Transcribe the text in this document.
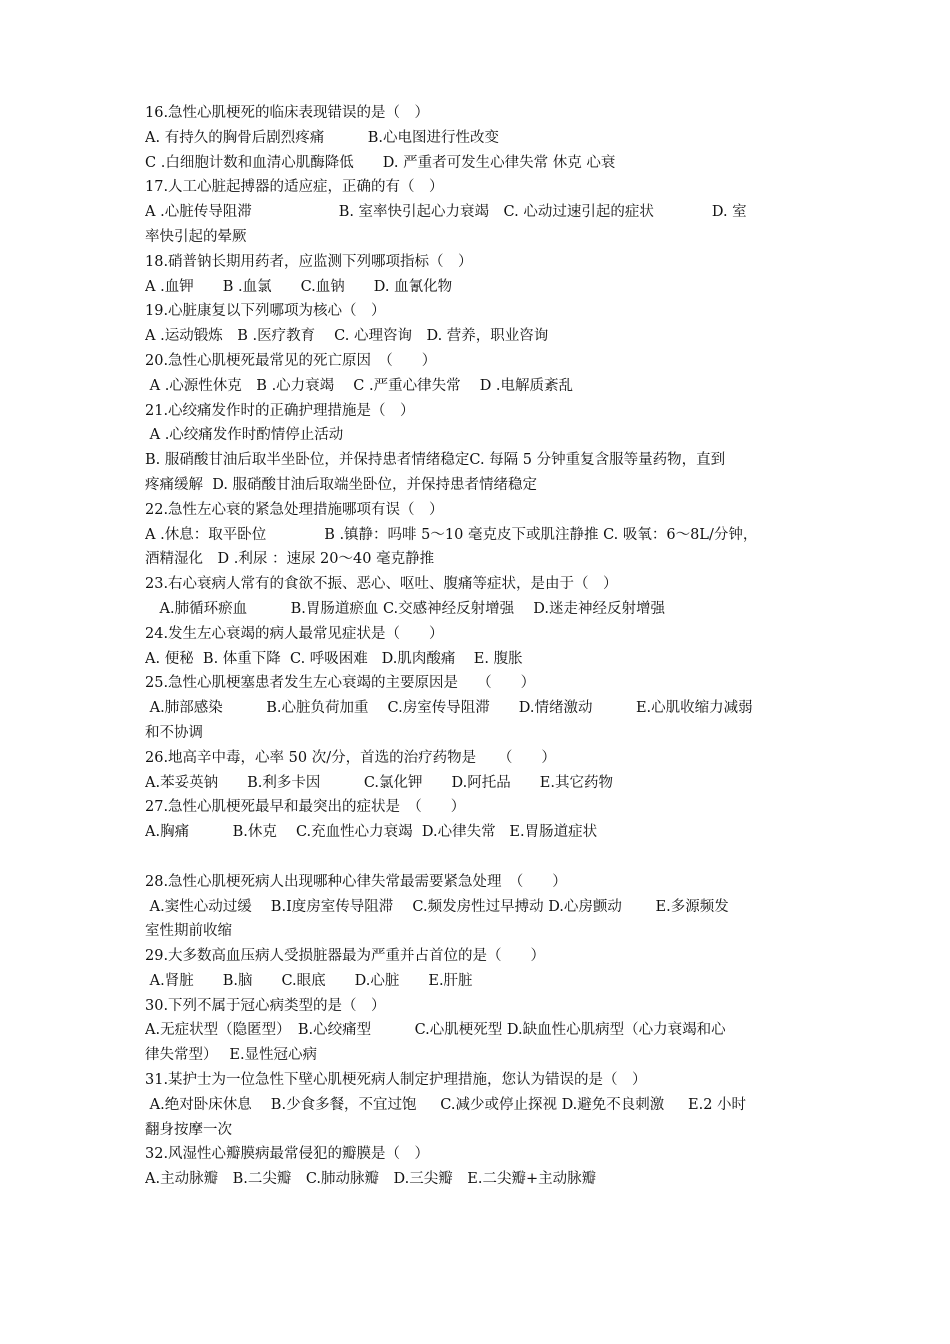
16.急性心肌梗死的临床表现错误的是（　）
A. 有持久的胸骨后剧烈疼痛　　　B.心电图进行性改变
C .白细胞计数和血清心肌酶降低　　D. 严重者可发生心律失常 休克 心衰
17.人工心脏起搏器的适应症，正确的有（　）
A .心脏传导阻滞　　　　　　B. 室率快引起心力衰竭　C. 心动过速引起的症状　　　　D. 室
率快引起的晕厥
18.硝普钠长期用药者，应监测下列哪项指标（　）
A .血钾　　B .血氯　　C.血钠　　D. 血氰化物
19.心脏康复以下列哪项为核心（　）
A .运动锻炼　B .医疗教育　 C. 心理咨询　D. 营养，职业咨询
20.急性心肌梗死最常见的死亡原因　（　　）
A .心源性休克　B .心力衰竭　 C .严重心律失常　 D .电解质紊乱
21.心绞痛发作时的正确护理措施是（　）
A .心绞痛发作时酌情停止活动
B. 服硝酸甘油后取半坐卧位，并保持患者情绪稳定C. 每隔 5 分钟重复含服等量药物，直到
疼痛缓解  D. 服硝酸甘油后取端坐卧位，并保持患者情绪稳定
22.急性左心衰的紧急处理措施哪项有误（　）
A .休息：取平卧位　　　　B .镇静：吗啡 5～10 毫克皮下或肌注静推 C. 吸氧：6～8L/分钟，
酒精湿化　D .利尿 ：速尿 20～40 毫克静推
23.右心衰病人常有的食欲不振、恶心、呕吐、腹痛等症状，是由于（　）
　A.肺循环瘀血　　　B.胃肠道瘀血 C.交感神经反射增强　 D.迷走神经反射增强
24.发生左心衰竭的病人最常见症状是（　　）
A. 便秘  B. 体重下降  C. 呼吸困难   D.肌肉酸痛    E. 腹胀
25.急性心肌梗塞患者发生左心衰竭的主要原因是　 （　　）
A.肺部感染　　　B.心脏负荷加重　 C.房室传导阻滞　　D.情绪激动　　　E.心肌收缩力减弱
和不协调
26.地高辛中毒，心率 50 次/分，首选的治疗药物是　　（　　）
A.苯妥英钠　　B.利多卡因　　　C.氯化钾　　D.阿托品　　E.其它药物
27.急性心肌梗死最早和最突出的症状是　（　　）
A.胸痛　　　B.休克　 C.充血性心力衰竭  D.心律失常   E.胃肠道症状
28.急性心肌梗死病人出现哪种心律失常最需要紧急处理　（　　）
A.窦性心动过缓　 B.Ⅰ度房室传导阻滞　 C.频发房性过早搏动 D.心房颤动　　 E.多源频发
室性期前收缩
29.大多数高血压病人受损脏器最为严重并占首位的是（　　）
A.肾脏　　B.脑　　C.眼底　　D.心脏　　E.肝脏
30.下列不属于冠心病类型的是（　）
A.无症状型（隐匿型）　B.心绞痛型　　　C.心肌梗死型 D.缺血性心肌病型（心力衰竭和心
律失常型）　 E.显性冠心病
31.某护士为一位急性下壁心肌梗死病人制定护理措施，您认为错误的是（　）
A.绝对卧床休息　 B.少食多餐，不宜过饱　  C.减少或停止探视 D.避免不良刺激　  E.2 小时
翻身按摩一次
32.风湿性心瓣膜病最常侵犯的瓣膜是（　）
A.主动脉瓣　B.二尖瓣　C.肺动脉瓣　D.三尖瓣　E.二尖瓣+主动脉瓣
